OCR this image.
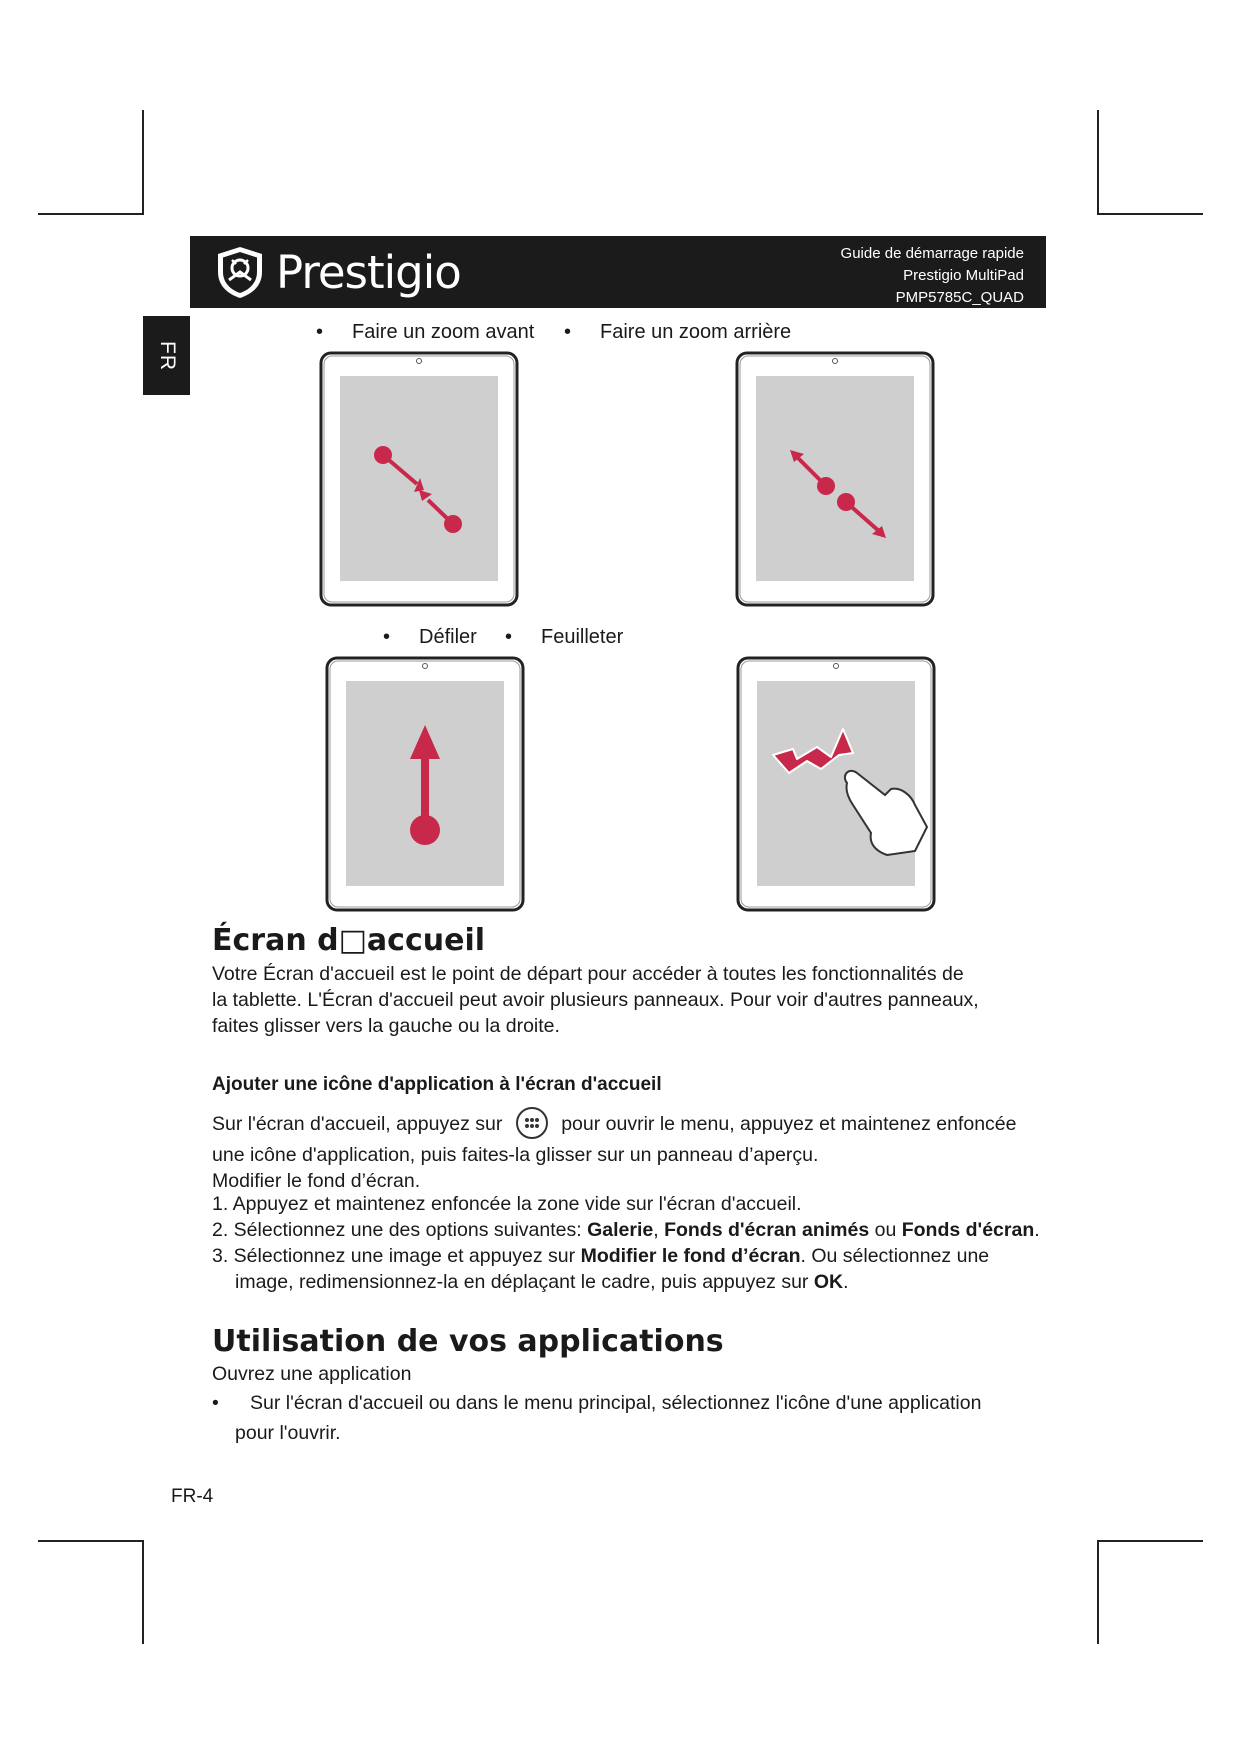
Prestigio	Guide de démarrage rapide
Prestigio MultiPad
PMP5785C_QUAD
FR
• Faire un zoom avant • Faire un zoom arrière
• Défiler • Feuilleter
Écran d□accueil
Votre Écran d'accueil est le point de départ pour accéder à toutes les fonctionnalités de
la tablette. L'Écran d'accueil peut avoir plusieurs panneaux. Pour voir d'autres panneaux,
faites glisser vers la gauche ou la droite.
Ajouter une icône d'application à l'écran d'accueil
Sur l'écran d'accueil, appuyez sur	pour ouvrir le menu, appuyez et maintenez enfoncée
une icône d'application, puis faites-la glisser sur un panneau d’aperçu.
Modifier le fond d’écran.
1. Appuyez et maintenez enfoncée la zone vide sur l'écran d'accueil.
2. Sélectionnez une des options suivantes: Galerie, Fonds d'écran animés ou Fonds d'écran.
3. Sélectionnez une image et appuyez sur Modifier le fond d’écran. Ou sélectionnez une
image, redimensionnez-la en déplaçant le cadre, puis appuyez sur OK.
Utilisation de vos applications
Ouvrez une application
• Sur l'écran d'accueil ou dans le menu principal, sélectionnez l'icône d'une application
pour l'ouvrir.
FR-4
